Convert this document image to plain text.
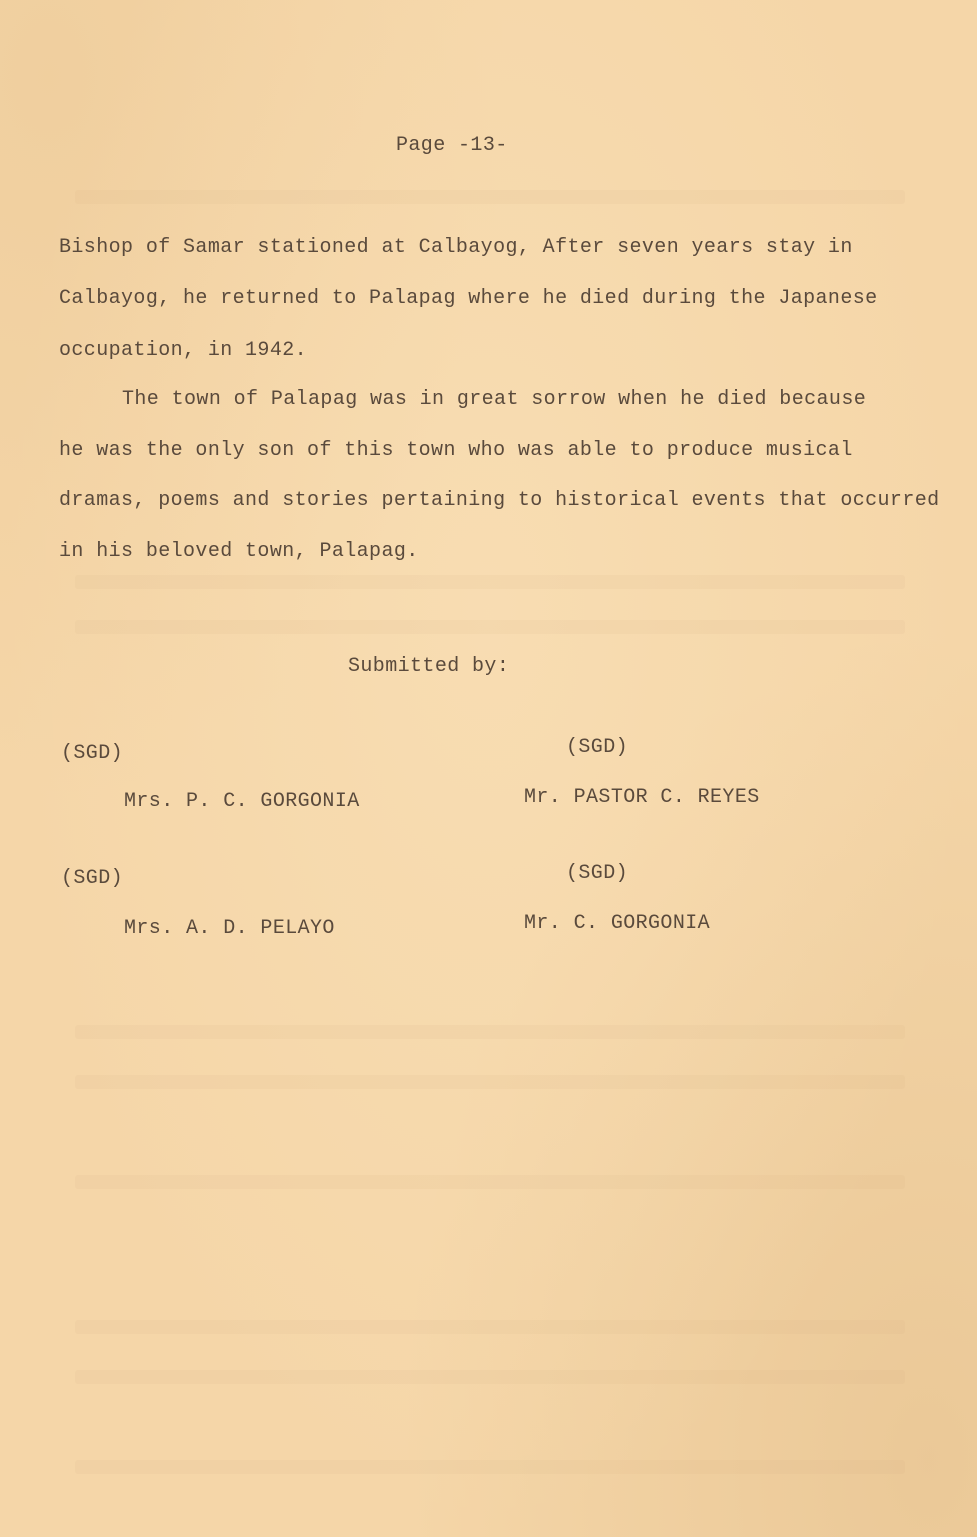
Page -13-
Bishop of Samar stationed at Calbayog, After seven years stay in
Calbayog, he returned to Palapag where he died during the Japanese
occupation, in 1942.
The town of Palapag was in great sorrow when he died because
he was the only son of this town who was able to produce musical
dramas, poems and stories pertaining to historical events that occurred
in his beloved town, Palapag.
Submitted by:
(SGD)
Mrs. P. C. GORGONIA
(SGD)
Mr. PASTOR C. REYES
(SGD)
Mrs. A. D. PELAYO
(SGD)
Mr. C. GORGONIA
